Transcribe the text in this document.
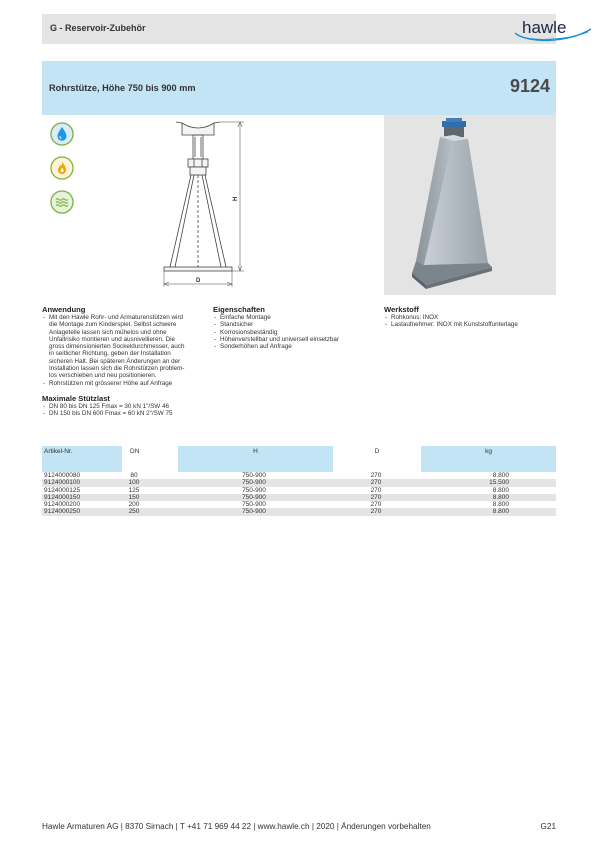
G - Reservoir-Zubehör	hawle
Rohrstütze, Höhe 750 bis 900 mm	9124
H
D
Anwendung
- Mit den Hawle Rohr- und Armaturenstützen wird
die Montage zum Kinderspiel. Selbst schwere
Anlageteile lassen sich mühelos und ohne
Unfallrisiko montieren und ausnivellieren. Die
gross dimensionierten Sockeldurchmesser, auch
in seitlicher Richtung, geben der Installation
sicheren Halt. Bei späteren Änderungen an der
Installation lassen sich die Rohrstützen problem-
los verschieben und neu positionieren.
- Rohrstützen mit grösserer Höhe auf Anfrage
Maximale Stützlast
- DN 80 bis DN 125 Fmax = 30 kN 1"/SW 46
- DN 150 bis DN 600 Fmax = 60 kN 2"/SW 75
Eigenschaften
- Einfache Montage
- Standsicher
- Korrosionsbeständig
- Höhenverstellbar und universell einsetzbar
- Sonderhöhen auf Anfrage
Werkstoff
- Rohkonus: INOX
- Lastaufnehmer: INOX mit Kunststoffunterlage
Artikel-Nr.	DN	H	D	kg
9124000080	80	750-900	270	8.800
9124000100	100	750-900	270	15.500
9124000125	125	750-900	270	8.800
9124000150	150	750-900	270	8.800
9124000200	200	750-900	270	8.800
9124000250	250	750-900	270	8.800
Hawle Armaturen AG | 8370 Sirnach | T +41 71 969 44 22 | www.hawle.ch | 2020 | Änderungen vorbehalten	G21
